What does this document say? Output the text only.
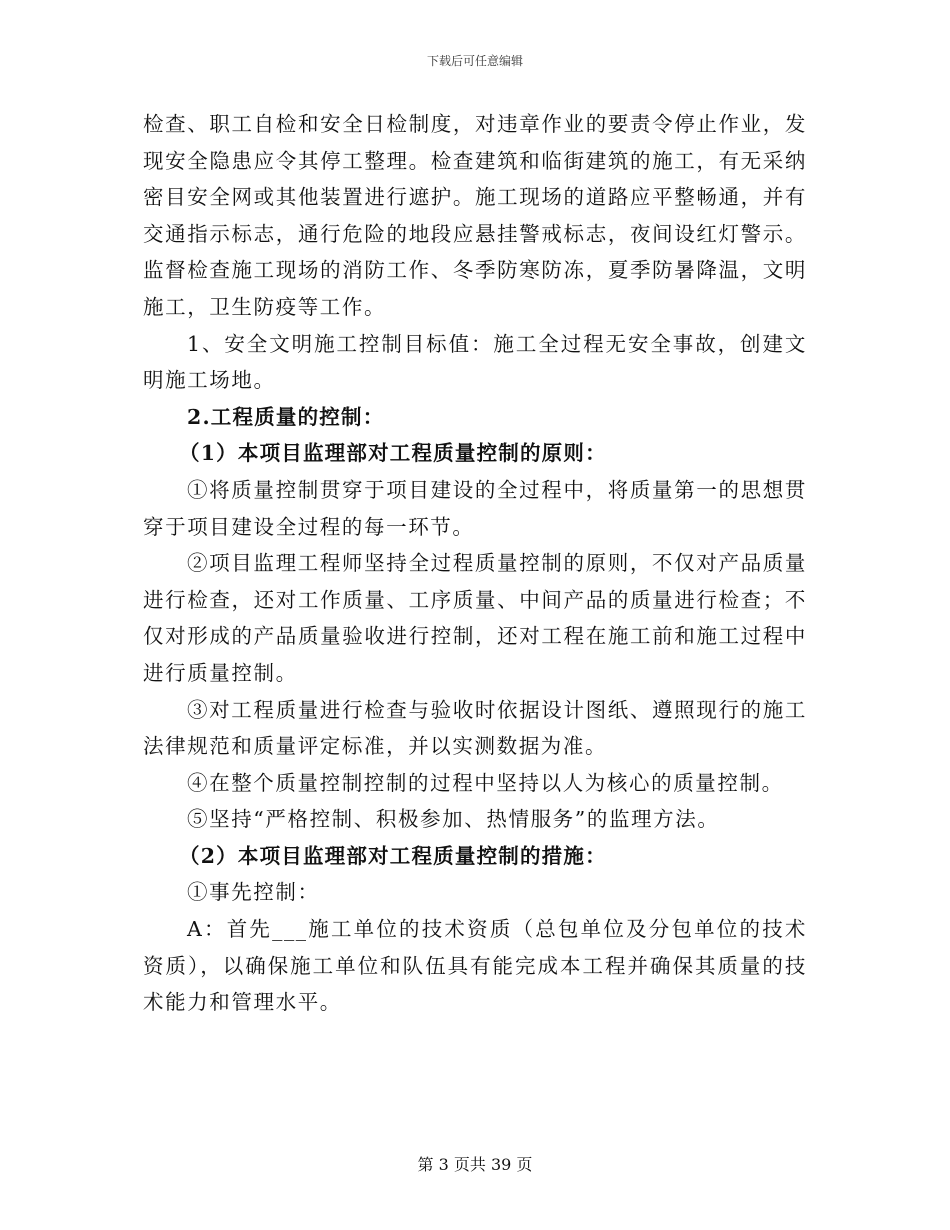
下载后可任意编辑

检查、职工自检和安全日检制度，对违章作业的要责令停止作业，发现安全隐患应令其停工整理。检查建筑和临街建筑的施工，有无采纳密目安全网或其他装置进行遮护。施工现场的道路应平整畅通，并有交通指示标志，通行危险的地段应悬挂警戒标志，夜间设红灯警示。监督检查施工现场的消防工作、冬季防寒防冻，夏季防暑降温，文明施工，卫生防疫等工作。

1、安全文明施工控制目标值：施工全过程无安全事故，创建文明施工场地。

2.工程质量的控制：

（1）本项目监理部对工程质量控制的原则：

①将质量控制贯穿于项目建设的全过程中，将质量第一的思想贯穿于项目建设全过程的每一环节。

②项目监理工程师坚持全过程质量控制的原则，不仅对产品质量进行检查，还对工作质量、工序质量、中间产品的质量进行检查；不仅对形成的产品质量验收进行控制，还对工程在施工前和施工过程中进行质量控制。

③对工程质量进行检查与验收时依据设计图纸、遵照现行的施工法律规范和质量评定标准，并以实测数据为准。

④在整个质量控制控制的过程中坚持以人为核心的质量控制。

⑤坚持“严格控制、积极参加、热情服务”的监理方法。

（2）本项目监理部对工程质量控制的措施：

①事先控制：

A：首先___施工单位的技术资质（总包单位及分包单位的技术资质），以确保施工单位和队伍具有能完成本工程并确保其质量的技术能力和管理水平。

第 3 页共 39 页
